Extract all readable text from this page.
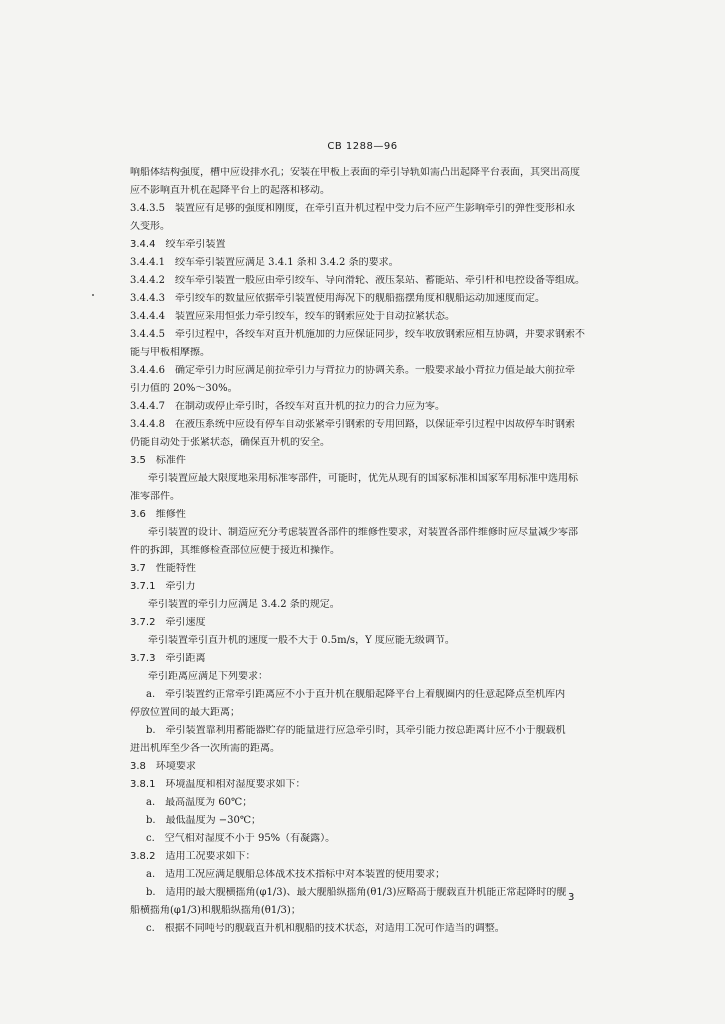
CB 1288—96
响船体结构强度，槽中应设排水孔；安装在甲板上表面的牵引导轨如需凸出起降平台表面，其突出高度
应不影响直升机在起降平台上的起落和移动。
3.4.3.5　装置应有足够的强度和刚度，在牵引直升机过程中受力后不应产生影响牵引的弹性变形和永
久变形。
3.4.4　绞车牵引装置
3.4.4.1　绞车牵引装置应满足 3.4.1 条和 3.4.2 条的要求。
3.4.4.2　绞车牵引装置一般应由牵引绞车、导向滑轮、液压泵站、蓄能站、牵引杆和电控设备等组成。
3.4.4.3　牵引绞车的数量应依据牵引装置使用海况下的舰船摇摆角度和舰船运动加速度而定。
3.4.4.4　装置应采用恒张力牵引绞车，绞车的钢索应处于自动拉紧状态。
3.4.4.5　牵引过程中，各绞车对直升机施加的力应保证同步，绞车收放钢索应相互协调，并要求钢索不
能与甲板相摩擦。
3.4.4.6　确定牵引力时应满足前拉牵引力与背拉力的协调关系。一般要求最小背拉力值是最大前拉牵
引力值的 20%～30%。
3.4.4.7　在制动或停止牵引时，各绞车对直升机的拉力的合力应为零。
3.4.4.8　在液压系统中应设有停车自动张紧牵引钢索的专用回路，以保证牵引过程中因故停车时钢索
仍能自动处于张紧状态，确保直升机的安全。
3.5　标准件
牵引装置应最大限度地采用标准零部件，可能时，优先从现有的国家标准和国家军用标准中选用标
准零部件。
3.6　维修性
牵引装置的设计、制造应充分考虑装置各部件的维修性要求，对装置各部件维修时应尽量减少零部
件的拆卸，其维修检查部位应便于接近和操作。
3.7　性能特性
3.7.1　牵引力
牵引装置的牵引力应满足 3.4.2 条的规定。
3.7.2　牵引速度
牵引装置牵引直升机的速度一般不大于 0.5m/s，Y 度应能无级调节。
3.7.3　牵引距离
牵引距离应满足下列要求：
a.　牵引装置约正常牵引距离应不小于直升机在舰船起降平台上着舰圈内的任意起降点至机库内
停放位置间的最大距离；
b.　牵引装置靠利用蓄能器贮存的能量进行应急牵引时，其牵引能力按总距离计应不小于舰载机
进出机库至少各一次所需的距离。
3.8　环境要求
3.8.1　环境温度和相对湿度要求如下：
a.　最高温度为 60℃；
b.　最低温度为 −30℃；
c.　空气相对湿度不小于 95%（有凝露）。
3.8.2　适用工况要求如下：
a.　适用工况应满足舰船总体战术技术指标中对本装置的使用要求；
b.　适用的最大舰横摇角(φ1/3)、最大舰船纵摇角(θ1/3)应略高于舰载直升机能正常起降时的舰
船横摇角(φ1/3)和舰船纵摇角(θ1/3)；
c.　根据不同吨号的舰载直升机和舰船的技术状态，对适用工况可作适当的调整。
3
